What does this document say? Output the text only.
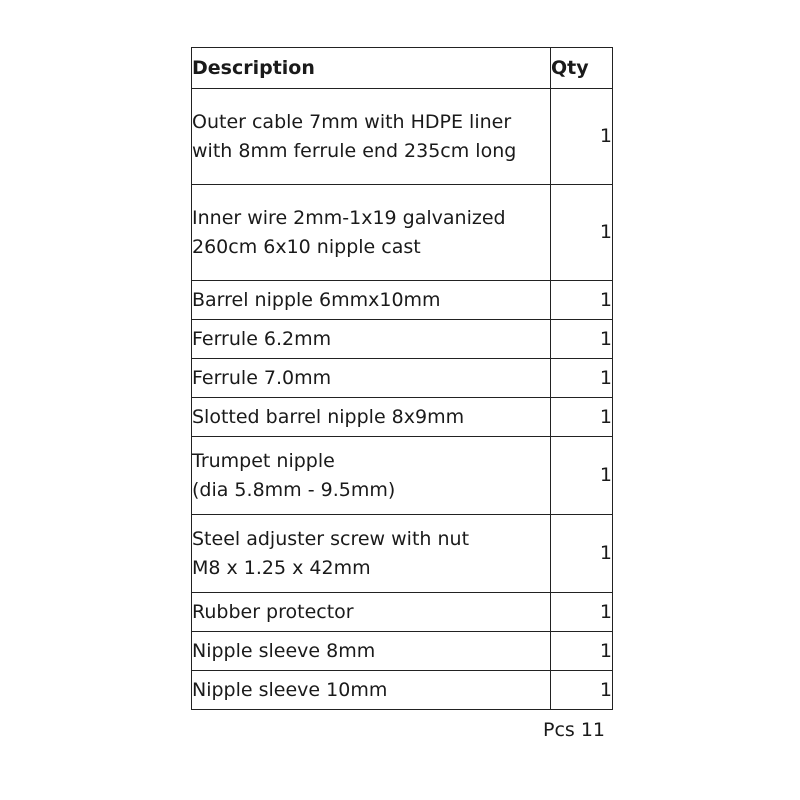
Description	Qty

Outer cable 7mm with HDPE liner
with 8mm ferrule end 235cm long	1

Inner wire 2mm-1x19 galvanized
260cm 6x10 nipple cast	1

Barrel nipple 6mmx10mm	1

Ferrule 6.2mm	1

Ferrule 7.0mm	1

Slotted barrel nipple 8x9mm	1

Trumpet nipple
(dia 5.8mm - 9.5mm)	1

Steel adjuster screw with nut
M8 x 1.25 x 42mm	1

Rubber protector	1

Nipple sleeve 8mm	1

Nipple sleeve 10mm	1
Pcs 11
